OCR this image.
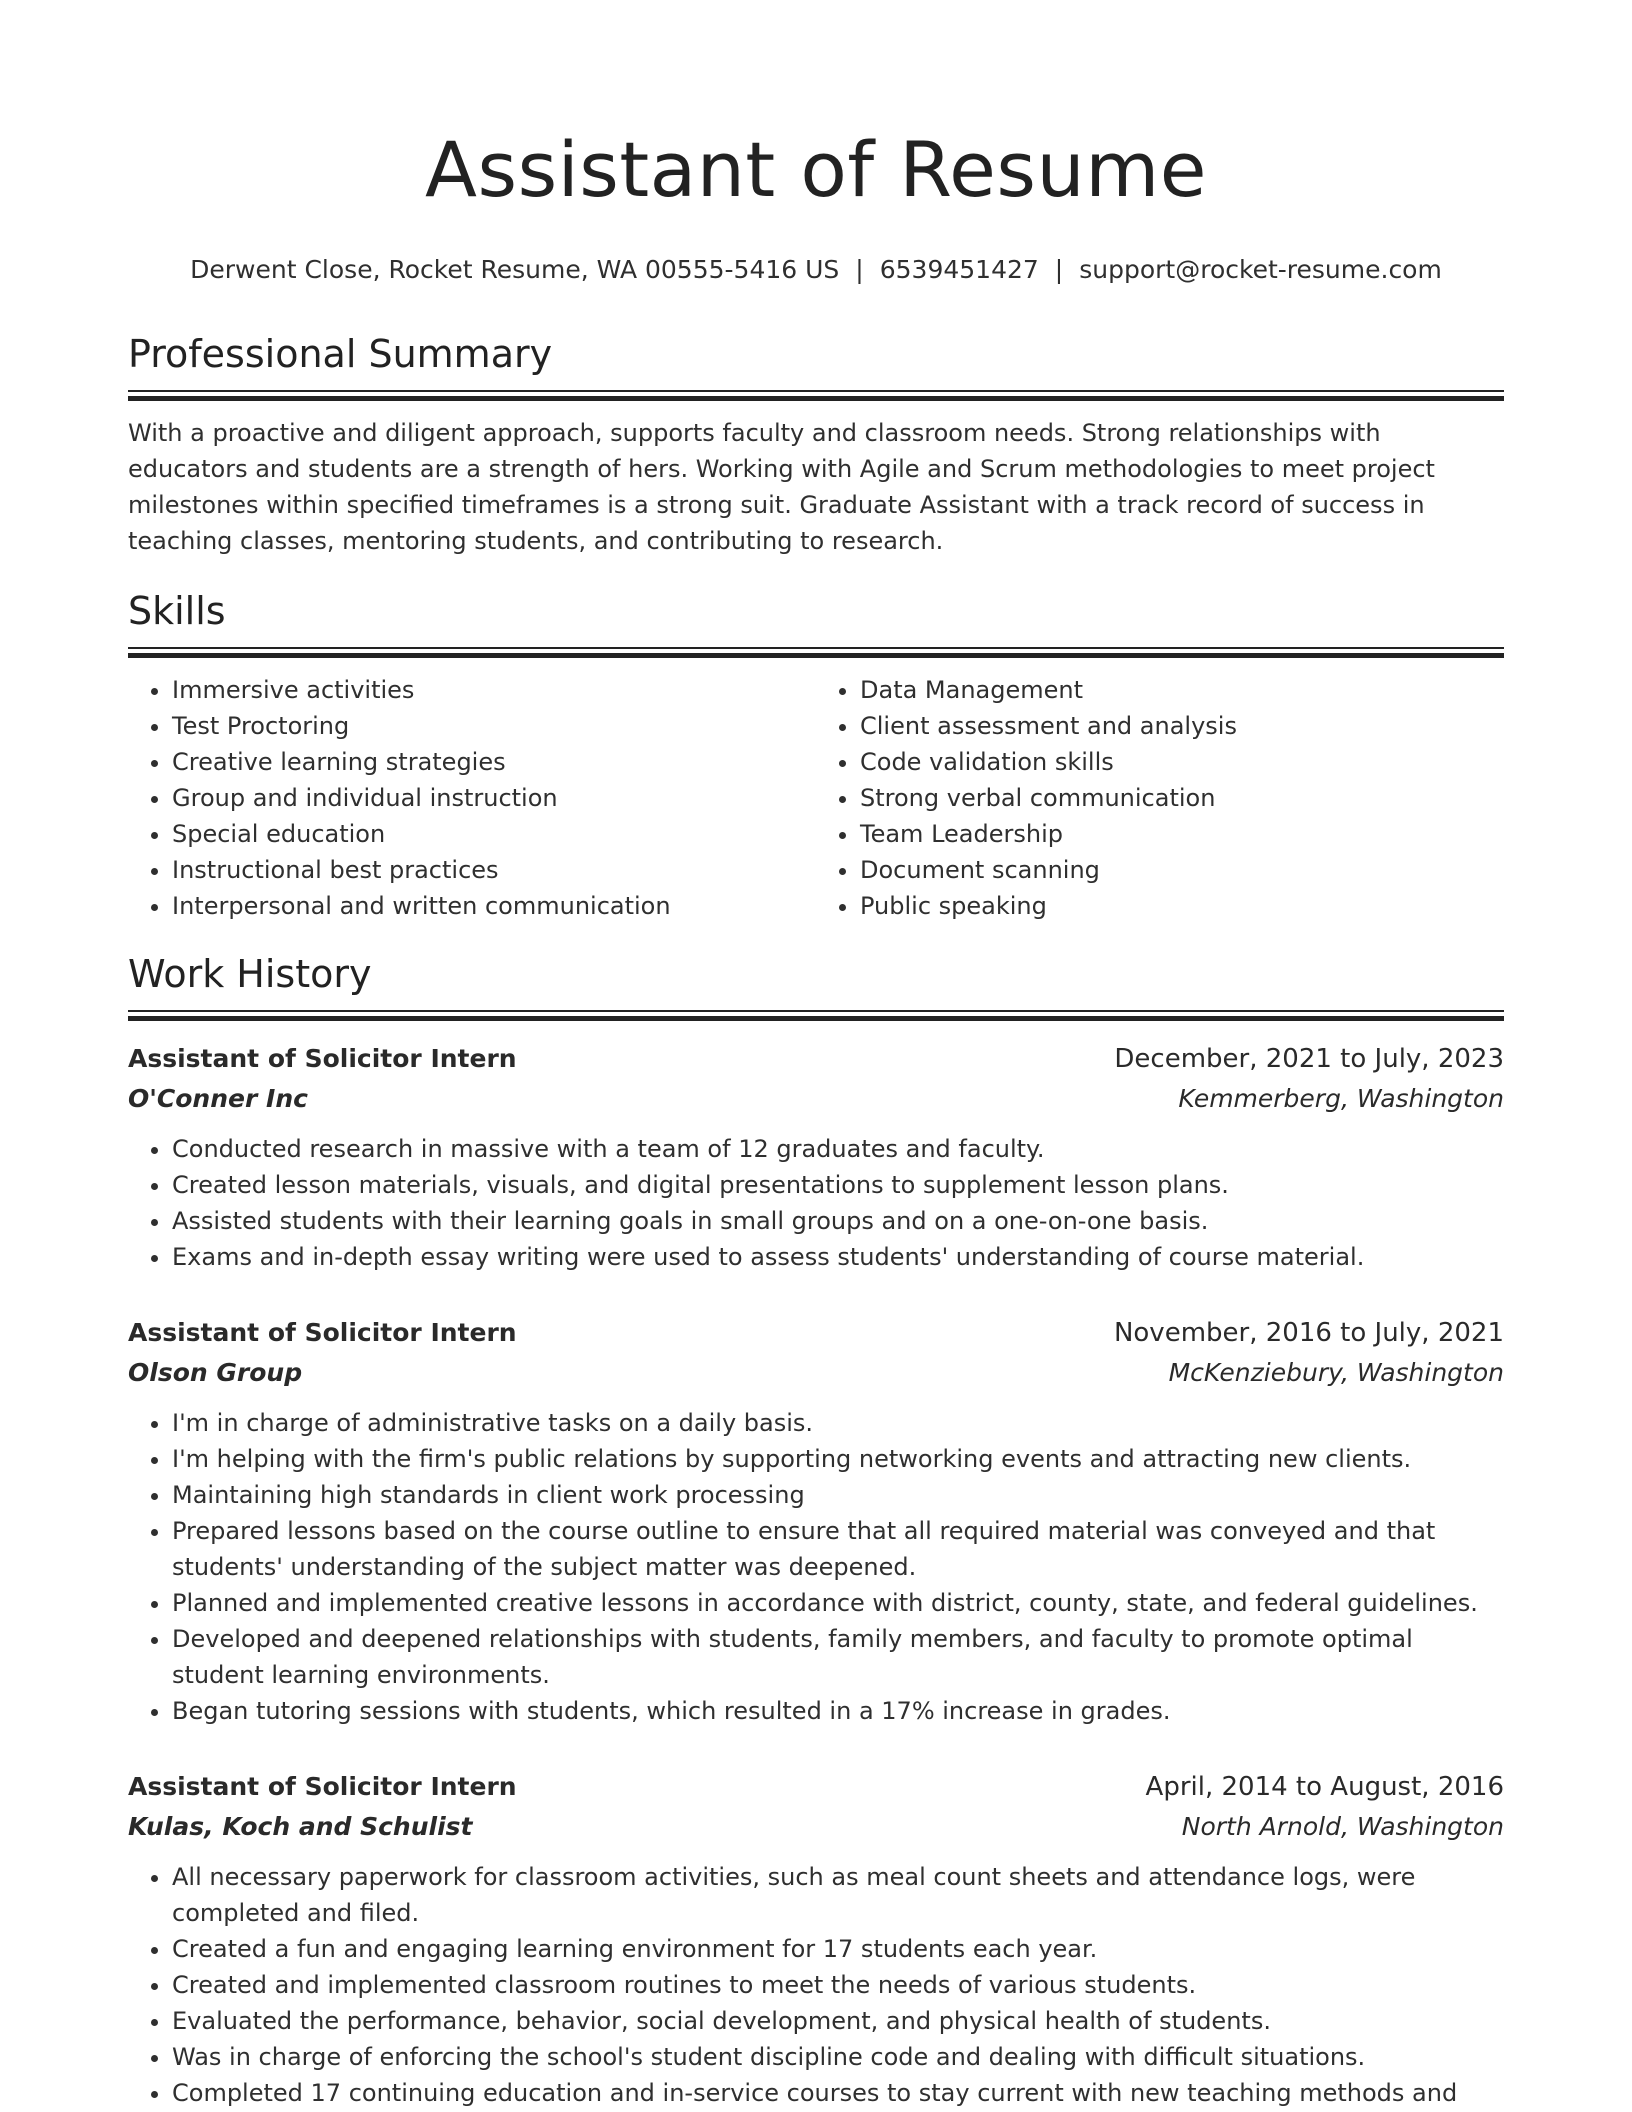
Assistant of Resume
Derwent Close, Rocket Resume, WA 00555-5416 US | 6539451427 | support@rocket-resume.com
Professional Summary

With a proactive and diligent approach, supports faculty and classroom needs. Strong relationships with educators and students are a strength of hers. Working with Agile and Scrum methodologies to meet project milestones within specified timeframes is a strong suit. Graduate Assistant with a track record of success in teaching classes, mentoring students, and contributing to research.

Skills
• Immersive activities
• Test Proctoring
• Creative learning strategies
• Group and individual instruction
• Special education
• Instructional best practices
• Interpersonal and written communication
• Data Management
• Client assessment and analysis
• Code validation skills
• Strong verbal communication
• Team Leadership
• Document scanning
• Public speaking
Work History
Assistant of Solicitor Intern	December, 2021 to July, 2023
O'Conner Inc	Kemmerberg, Washington
• Conducted research in massive with a team of 12 graduates and faculty.
• Created lesson materials, visuals, and digital presentations to supplement lesson plans.
• Assisted students with their learning goals in small groups and on a one-on-one basis.
• Exams and in-depth essay writing were used to assess students' understanding of course material.
Assistant of Solicitor Intern	November, 2016 to July, 2021
Olson Group	McKenziebury, Washington
• I'm in charge of administrative tasks on a daily basis.
• I'm helping with the firm's public relations by supporting networking events and attracting new clients.
• Maintaining high standards in client work processing
• Prepared lessons based on the course outline to ensure that all required material was conveyed and that students' understanding of the subject matter was deepened.
• Planned and implemented creative lessons in accordance with district, county, state, and federal guidelines.
• Developed and deepened relationships with students, family members, and faculty to promote optimal student learning environments.
• Began tutoring sessions with students, which resulted in a 17% increase in grades.
Assistant of Solicitor Intern	April, 2014 to August, 2016
Kulas, Koch and Schulist	North Arnold, Washington
• All necessary paperwork for classroom activities, such as meal count sheets and attendance logs, were completed and filed.
• Created a fun and engaging learning environment for 17 students each year.
• Created and implemented classroom routines to meet the needs of various students.
• Evaluated the performance, behavior, social development, and physical health of students.
• Was in charge of enforcing the school's student discipline code and dealing with difficult situations.
• Completed 17 continuing education and in-service courses to stay current with new teaching methods and
